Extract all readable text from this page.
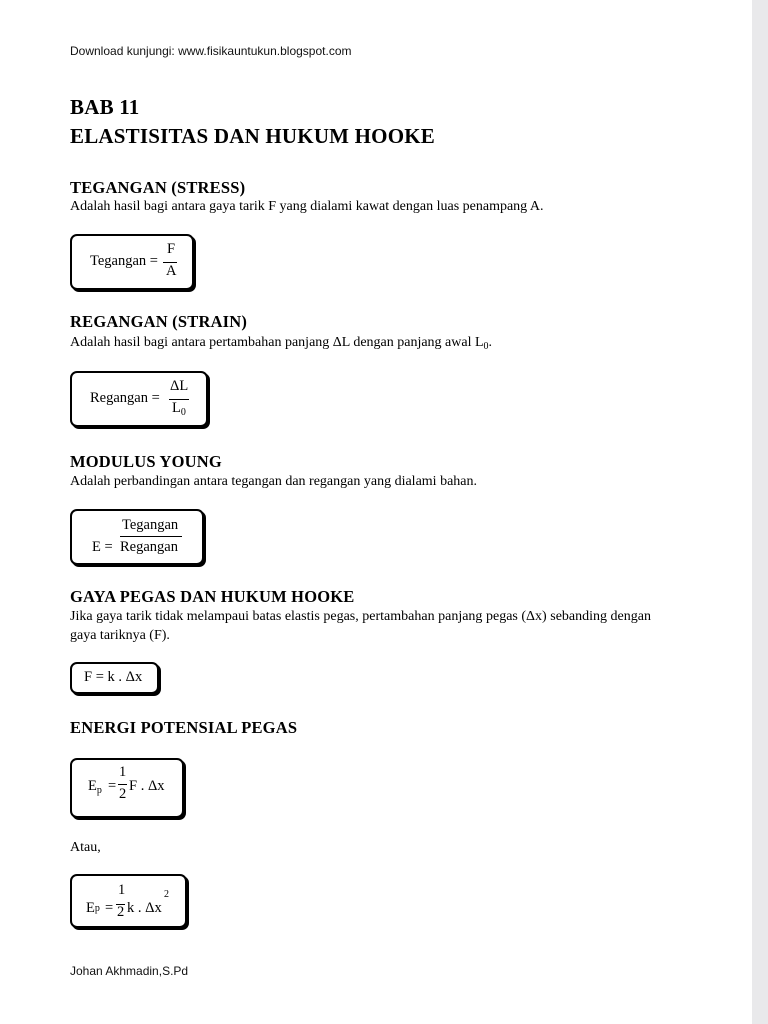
Download kunjungi: www.fisikauntukun.blogspot.com
BAB 11
ELASTISITAS DAN HUKUM HOOKE
TEGANGAN (STRESS)
Adalah hasil bagi antara gaya tarik F yang dialami kawat dengan luas penampang A.
Tegangan =
F
A
REGANGAN (STRAIN)
Adalah hasil bagi antara pertambahan panjang ΔL dengan panjang awal $L_0$.
Regangan =
ΔL
$L_0$
MODULUS YOUNG
Adalah perbandingan antara tegangan dan regangan yang dialami bahan.
E =
Tegangan
Regangan
GAYA PEGAS DAN HUKUM HOOKE
Jika gaya tarik tidak melampaui batas elastis pegas, pertambahan panjang pegas (Δx) sebanding dengan gaya tariknya (F).
F = k . Δx
ENERGI POTENSIAL PEGAS
$E_p$ =
1
2 F . Δx
Atau,
Ep =
1
2 k . Δx
2
Johan Akhmadin,S.Pd
